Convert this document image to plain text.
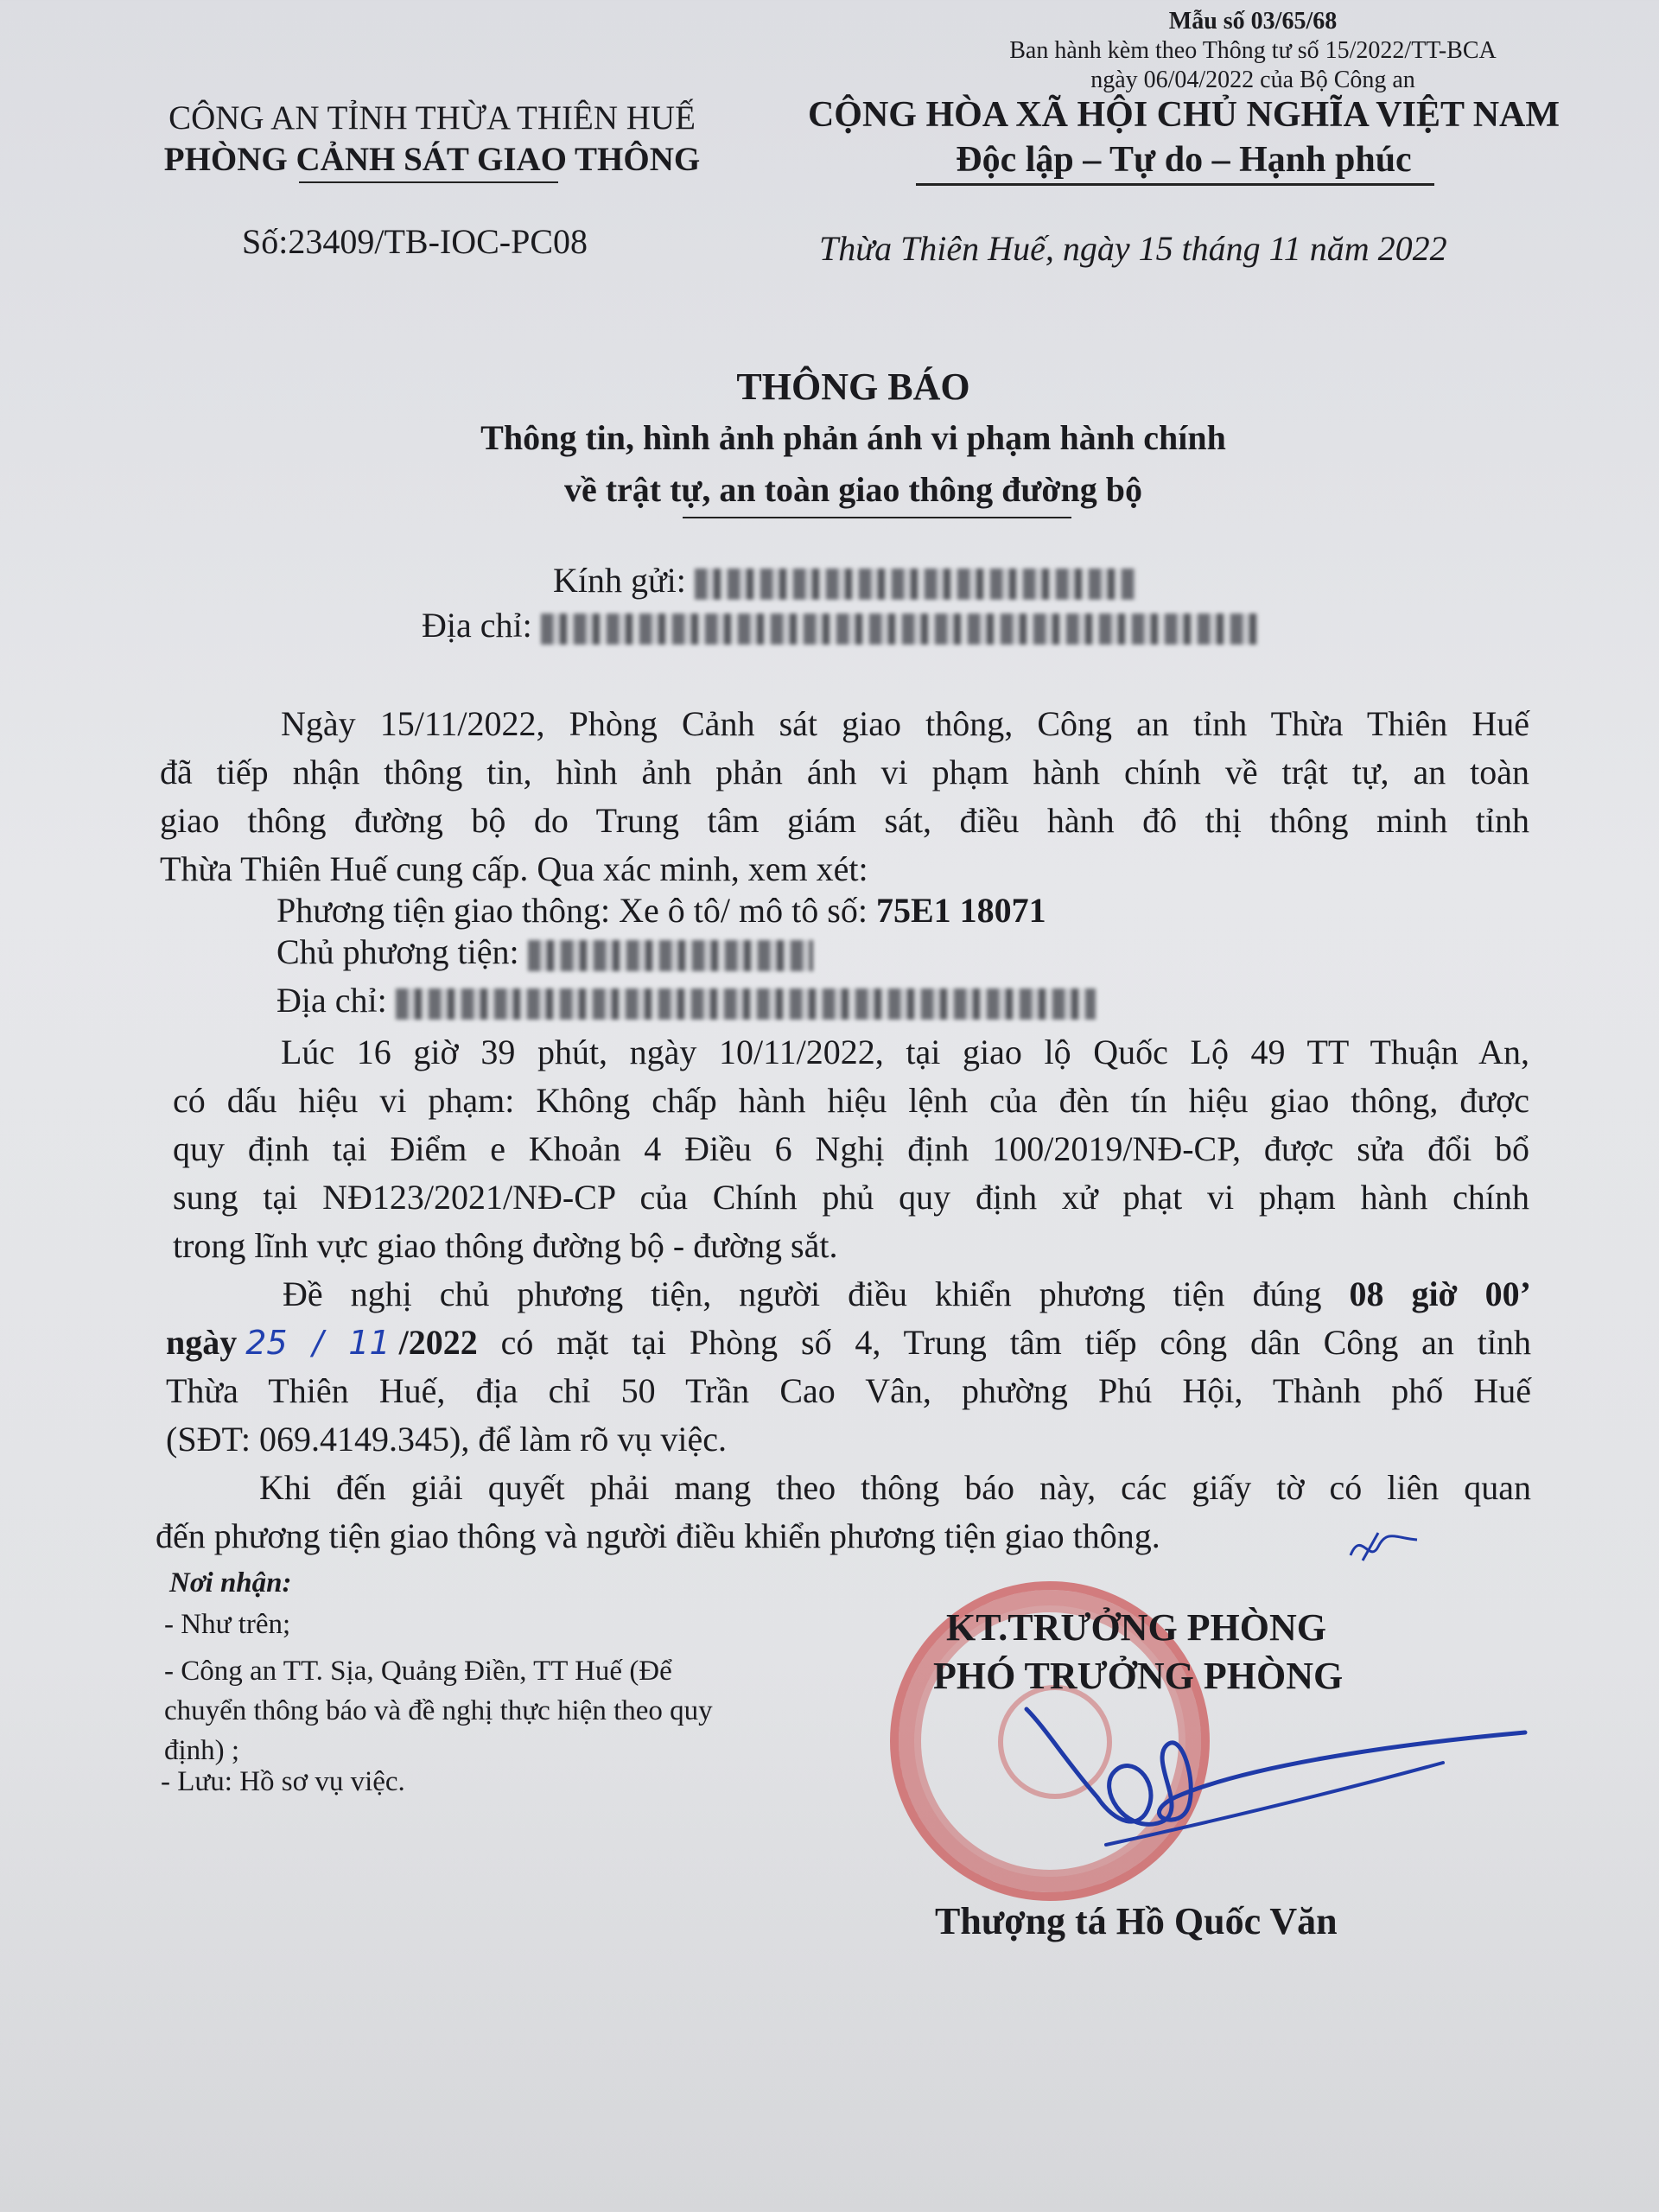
Mẫu số 03/65/68
Ban hành kèm theo Thông tư số 15/2022/TT-BCA
ngày 06/04/2022 của Bộ Công an
CÔNG AN TỈNH THỪA THIÊN HUẾ
PHÒNG CẢNH SÁT GIAO THÔNG
Số:23409/TB-IOC-PC08
CỘNG HÒA XÃ HỘI CHỦ NGHĨA VIỆT NAM
Độc lập – Tự do – Hạnh phúc
Thừa Thiên Huế, ngày 15 tháng 11 năm 2022
THÔNG BÁO
Thông tin, hình ảnh phản ánh vi phạm hành chính
về trật tự, an toàn giao thông đường bộ
Kính gửi:
Địa chỉ:
Ngày 15/11/2022, Phòng Cảnh sát giao thông, Công an tỉnh Thừa Thiên Huế
đã tiếp nhận thông tin, hình ảnh phản ánh vi phạm hành chính về trật tự, an toàn
giao thông đường bộ do Trung tâm giám sát, điều hành đô thị thông minh tỉnh
Thừa Thiên Huế cung cấp. Qua xác minh, xem xét:
Phương tiện giao thông: Xe ô tô/ mô tô số: 75E1 18071
Chủ phương tiện:
Địa chỉ:
Lúc 16 giờ 39 phút, ngày 10/11/2022, tại giao lộ Quốc Lộ 49 TT Thuận An,
có dấu hiệu vi phạm: Không chấp hành hiệu lệnh của đèn tín hiệu giao thông, được
quy định tại Điểm e Khoản 4 Điều 6 Nghị định 100/2019/NĐ-CP, được sửa đổi bổ
sung tại NĐ123/2021/NĐ-CP của Chính phủ quy định xử phạt vi phạm hành chính
trong lĩnh vực giao thông đường bộ - đường sắt.
Đề nghị chủ phương tiện, người điều khiển phương tiện đúng 08 giờ 00’
ngày 25 / 11 /2022 có mặt tại Phòng số 4, Trung tâm tiếp công dân Công an tỉnh
Thừa Thiên Huế, địa chỉ 50 Trần Cao Vân, phường Phú Hội, Thành phố Huế
(SĐT: 069.4149.345), để làm rõ vụ việc.
Khi đến giải quyết phải mang theo thông báo này, các giấy tờ có liên quan
đến phương tiện giao thông và người điều khiển phương tiện giao thông.
Nơi nhận:
- Như trên;
- Công an TT. Sịa, Quảng Điền, TT Huế (Để
chuyển thông báo và đề nghị thực hiện theo quy
định) ;
- Lưu: Hồ sơ vụ việc.
KT.TRƯỞNG PHÒNG
PHÓ TRƯỞNG PHÒNG
Thượng tá Hồ Quốc Văn
